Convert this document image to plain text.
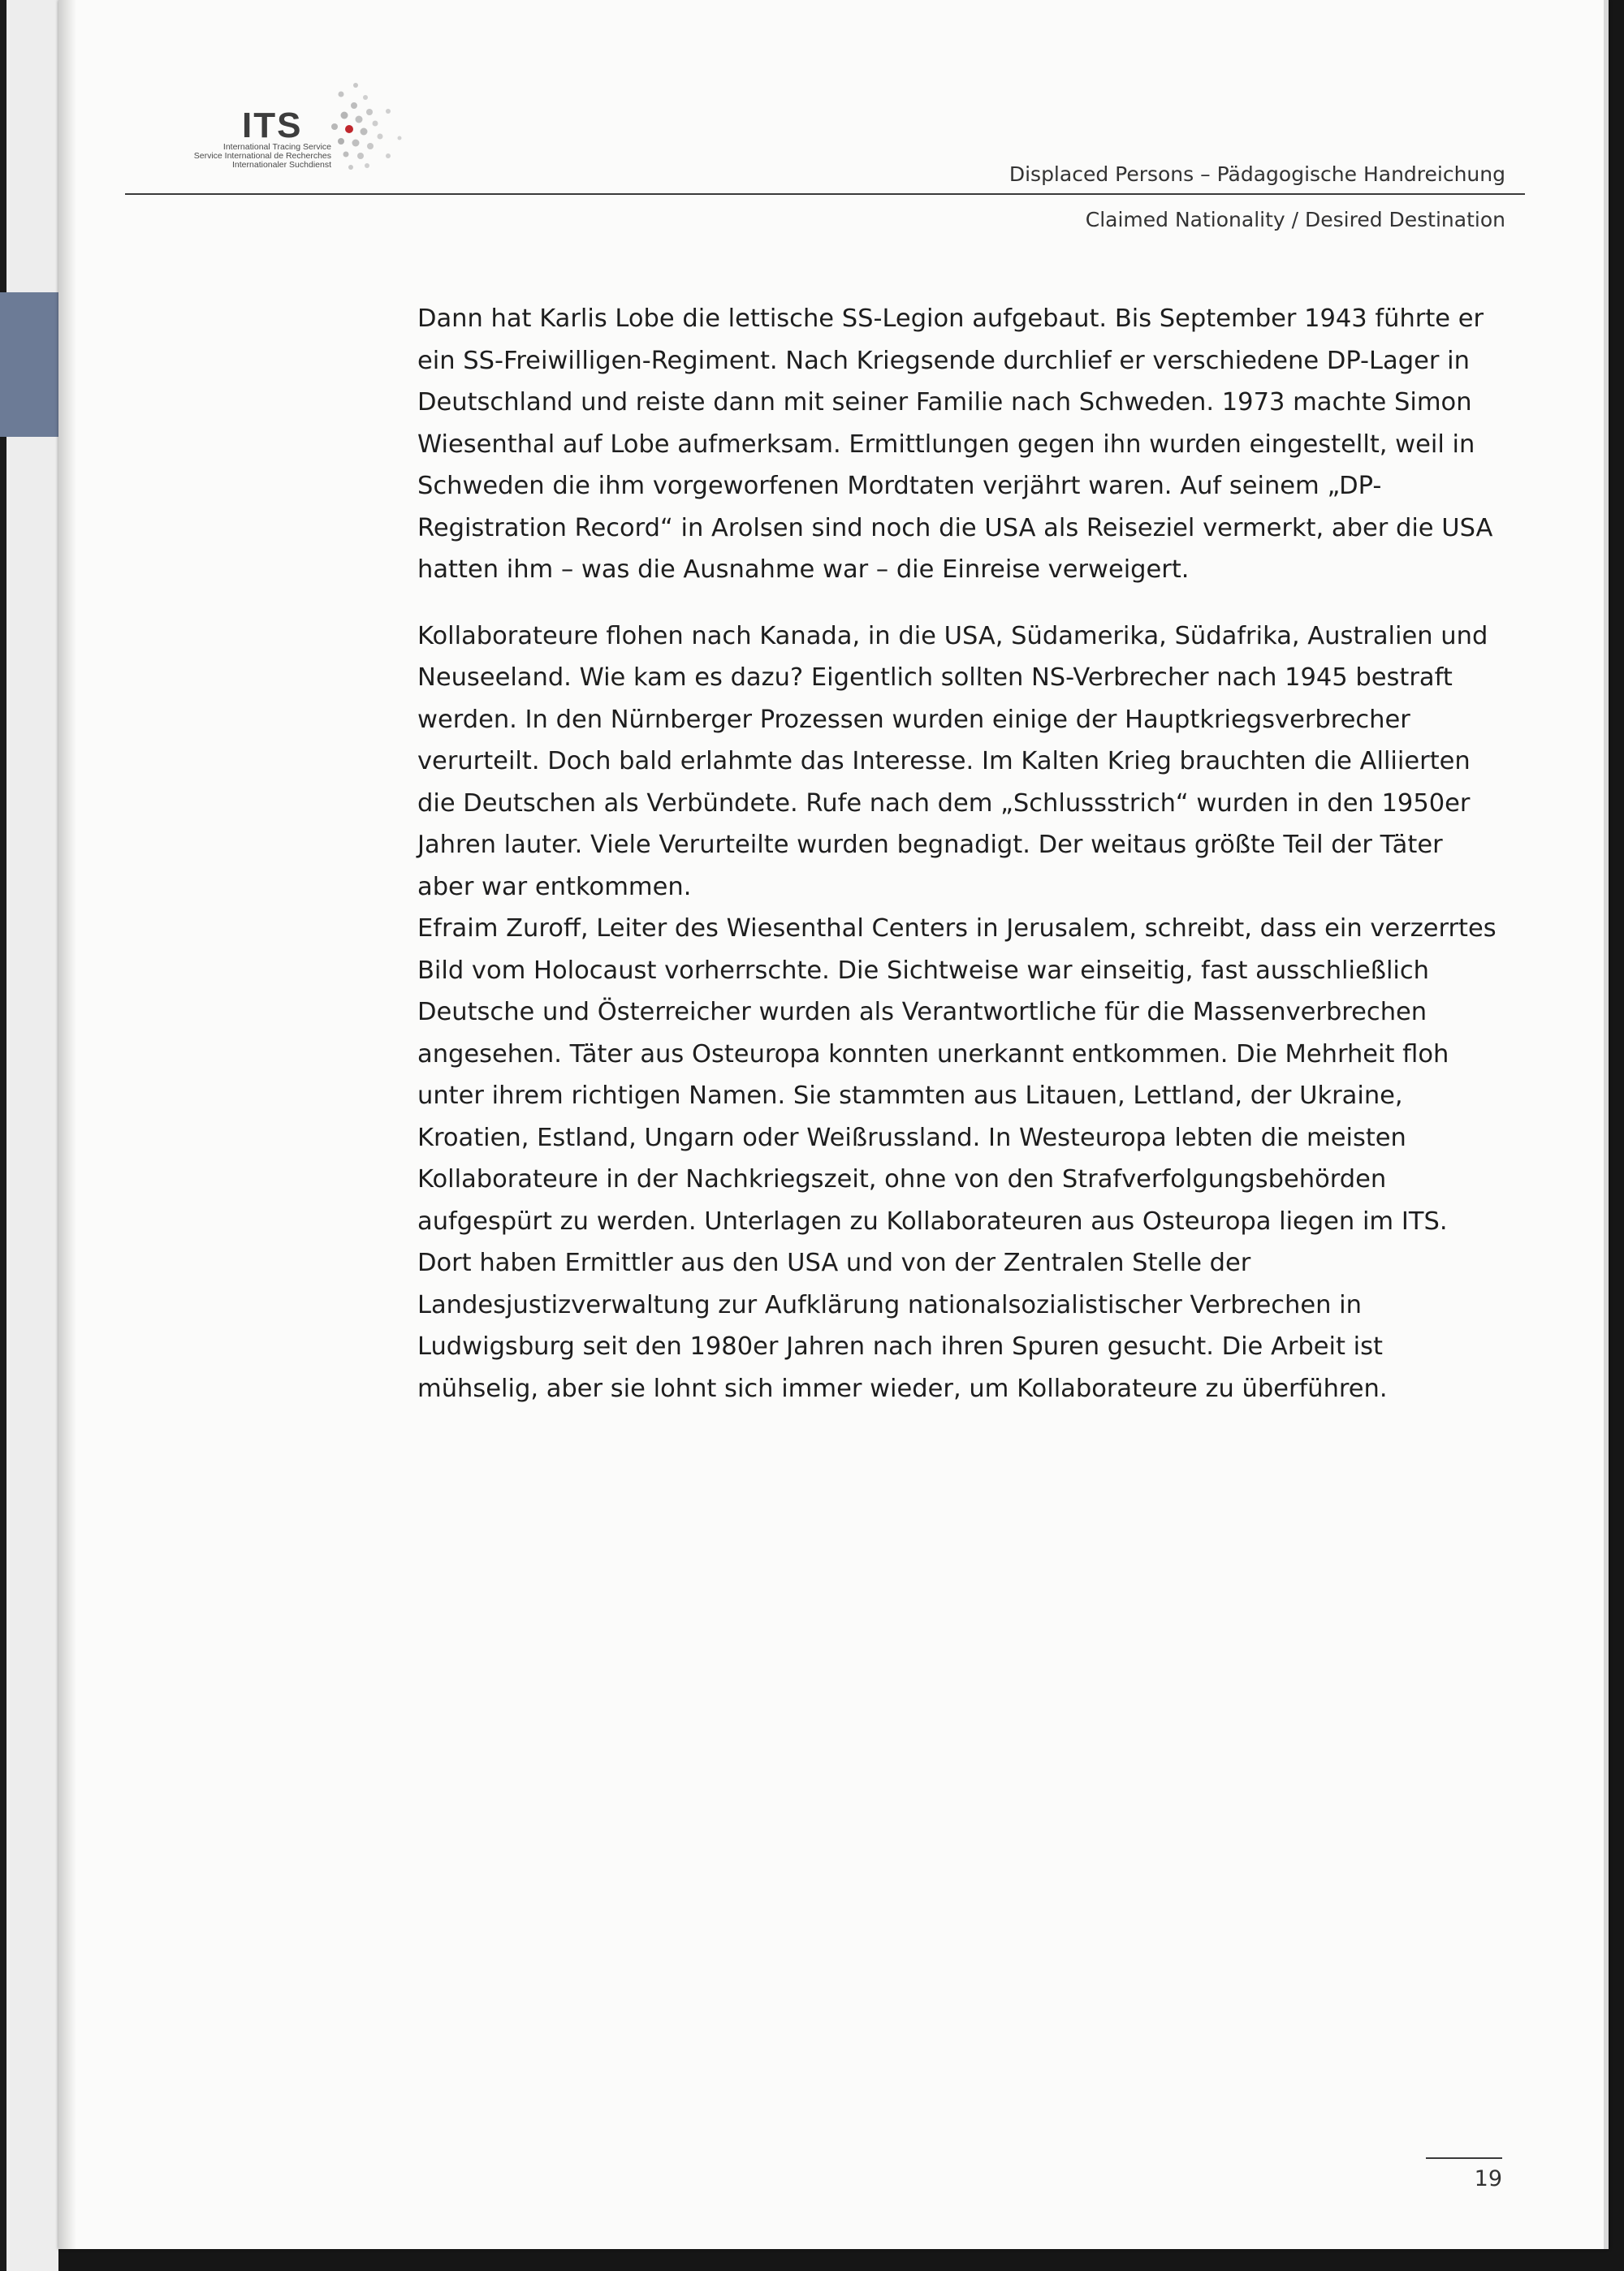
ITS
International Tracing Service
Service International de Recherches
Internationaler Suchdienst	Displaced Persons – Pädagogische Handreichung
Claimed Nationality / Desired Destination

Dann hat Karlis Lobe die lettische SS-Legion aufgebaut. Bis September 1943 führte er ein SS-Freiwilligen-Regiment. Nach Kriegsende durchlief er verschiedene DP-Lager in Deutschland und reiste dann mit seiner Familie nach Schweden. 1973 machte Simon Wiesenthal auf Lobe aufmerksam. Ermittlungen gegen ihn wurden eingestellt, weil in Schweden die ihm vorgeworfenen Mordtaten verjährt waren. Auf seinem „DP-Registration Record“ in Arolsen sind noch die USA als Reiseziel vermerkt, aber die USA hatten ihm – was die Ausnahme war – die Einreise verweigert.

Kollaborateure flohen nach Kanada, in die USA, Südamerika, Südafrika, Australien und Neuseeland. Wie kam es dazu? Eigentlich sollten NS-Verbrecher nach 1945 bestraft werden. In den Nürnberger Prozessen wurden einige der Hauptkriegsverbrecher verurteilt. Doch bald erlahmte das Interesse. Im Kalten Krieg brauchten die Alliierten die Deutschen als Verbündete. Rufe nach dem „Schlussstrich“ wurden in den 1950er Jahren lauter. Viele Verurteilte wurden begnadigt. Der weitaus größte Teil der Täter aber war entkommen.

Efraim Zuroff, Leiter des Wiesenthal Centers in Jerusalem, schreibt, dass ein verzerrtes Bild vom Holocaust vorherrschte. Die Sichtweise war einseitig, fast ausschließlich Deutsche und Österreicher wurden als Verantwortliche für die Massenverbrechen angesehen. Täter aus Osteuropa konnten unerkannt entkommen. Die Mehrheit floh unter ihrem richtigen Namen. Sie stammten aus Litauen, Lettland, der Ukraine, Kroatien, Estland, Ungarn oder Weißrussland. In Westeuropa lebten die meisten Kollaborateure in der Nachkriegszeit, ohne von den Strafverfolgungsbehörden aufgespürt zu werden. Unterlagen zu Kollaborateuren aus Osteuropa liegen im ITS. Dort haben Ermittler aus den USA und von der Zentralen Stelle der Landesjustizverwaltung zur Aufklärung nationalsozialistischer Verbrechen in Ludwigsburg seit den 1980er Jahren nach ihren Spuren gesucht. Die Arbeit ist mühselig, aber sie lohnt sich immer wieder, um Kollaborateure zu überführen.

19
